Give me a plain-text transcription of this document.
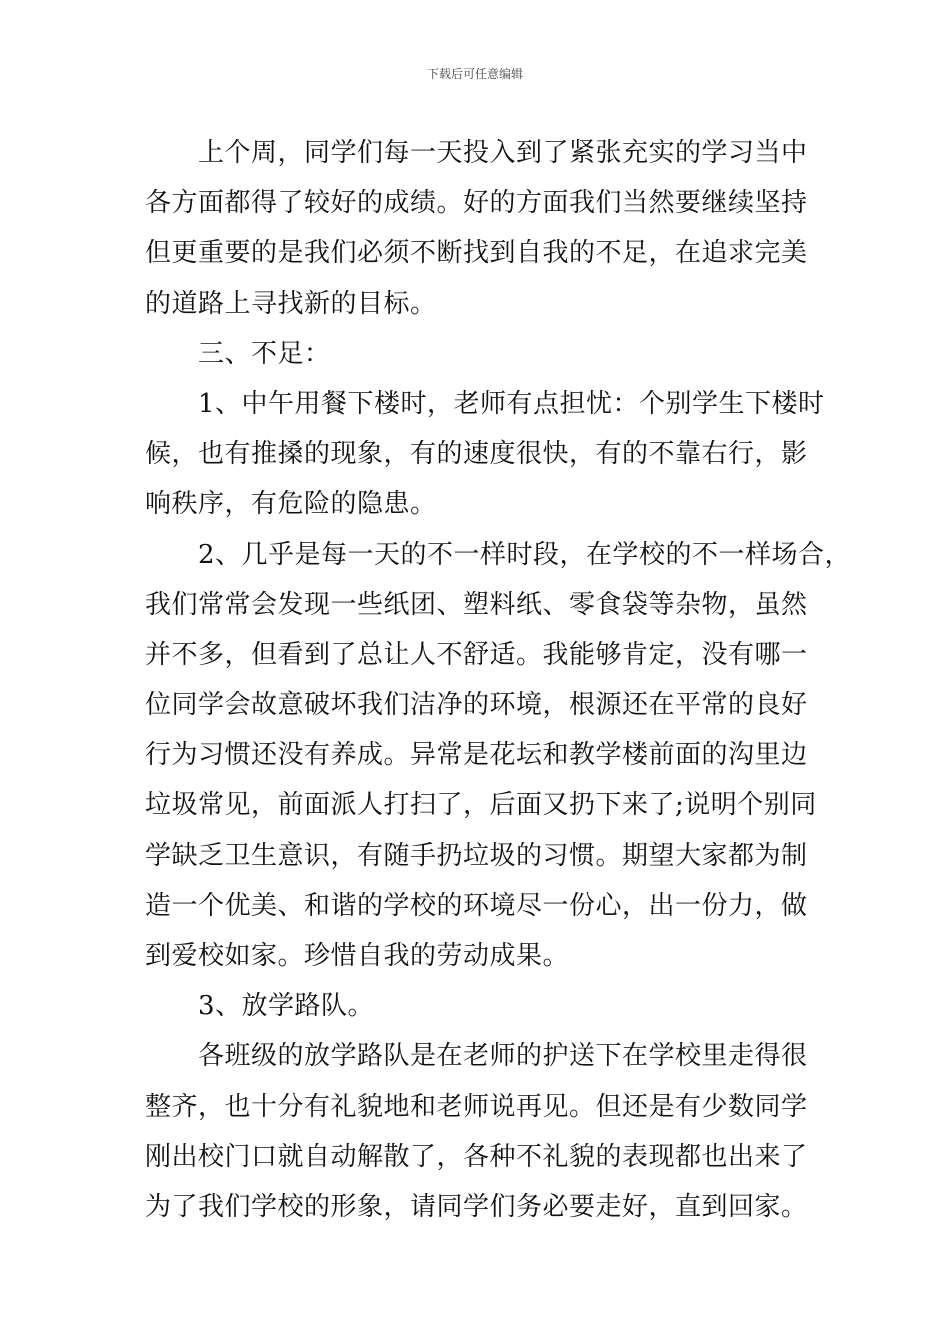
下载后可任意编辑
上个周，同学们每一天投入到了紧张充实的学习当中
各方面都得了较好的成绩。好的方面我们当然要继续坚持
但更重要的是我们必须不断找到自我的不足，在追求完美
的道路上寻找新的目标。
三、不足：
1、中午用餐下楼时，老师有点担忧：个别学生下楼时
候，也有推搡的现象，有的速度很快，有的不靠右行，影
响秩序，有危险的隐患。
2、几乎是每一天的不一样时段，在学校的不一样场合，
我们常常会发现一些纸团、塑料纸、零食袋等杂物，虽然
并不多，但看到了总让人不舒适。我能够肯定，没有哪一
位同学会故意破坏我们洁净的环境，根源还在平常的良好
行为习惯还没有养成。异常是花坛和教学楼前面的沟里边
垃圾常见，前面派人打扫了，后面又扔下来了;说明个别同
学缺乏卫生意识，有随手扔垃圾的习惯。期望大家都为制
造一个优美、和谐的学校的环境尽一份心，出一份力，做
到爱校如家。珍惜自我的劳动成果。
3、放学路队。
各班级的放学路队是在老师的护送下在学校里走得很
整齐，也十分有礼貌地和老师说再见。但还是有少数同学
刚出校门口就自动解散了，各种不礼貌的表现都也出来了
为了我们学校的形象，请同学们务必要走好，直到回家。
